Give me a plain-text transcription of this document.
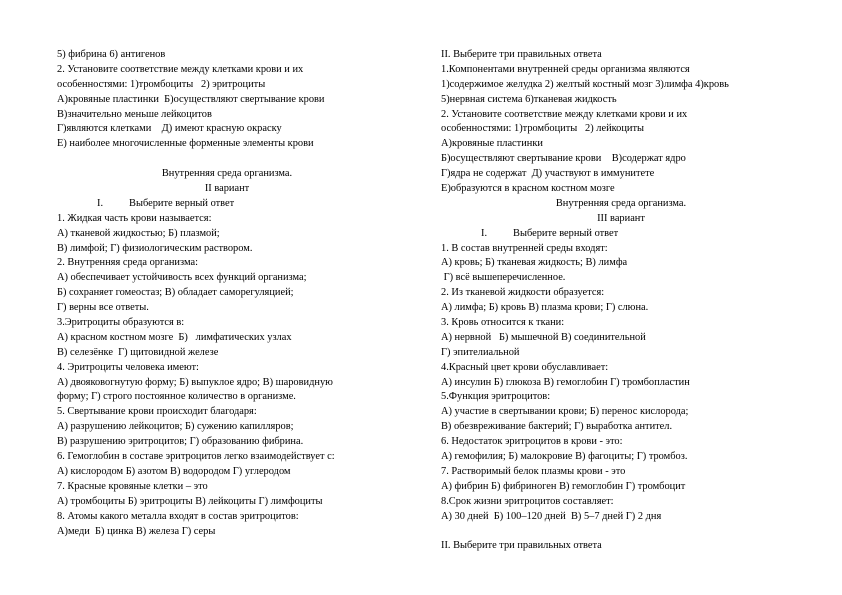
5) фибрина 6) антигенов
2. Установите соответствие между клетками крови и их
особенностями: 1)тромбоциты   2) эритроциты
А)кровяные пластинки  Б)осуществляют свертывание крови
В)значительно меньше лейкоцитов
Г)являются клетками    Д) имеют красную окраску
Е) наиболее многочисленные форменные элементы крови
Внутренняя среда организма.
II вариант
I.          Выберите верный ответ
1. Жидкая часть крови называется:
А) тканевой жидкостью; Б) плазмой;
В) лимфой; Г) физиологическим раствором.
2. Внутренняя среда организма:
А) обеспечивает устойчивость всех функций организма;
Б) сохраняет гомеостаз; В) обладает саморегуляцией;
Г) верны все ответы.
3.Эритроциты образуются в:
А) красном костном мозге  Б)   лимфатических узлах
В) селезёнке  Г) щитовидной железе
4. Эритроциты человека имеют:
А) двояковогнутую форму; Б) выпуклое ядро; В) шаровидную
форму; Г) строго постоянное количество в организме.
5. Свертывание крови происходит благодаря:
А) разрушению лейкоцитов; Б) сужению капилляров;
В) разрушению эритроцитов; Г) образованию фибрина.
6. Гемоглобин в составе эритроцитов легко взаимодействует с:
А) кислородом Б) азотом В) водородом Г) углеродом
7. Красные кровяные клетки – это
А) тромбоциты Б) эритроциты В) лейкоциты Г) лимфоциты
8. Атомы какого металла входят в состав эритроцитов:
А)меди  Б) цинка В) железа Г) серы
II. Выберите три правильных ответа
1.Компонентами внутренней среды организма являются
1)содержимое желудка 2) желтый костный мозг 3)лимфа 4)кровь
5)нервная система 6)тканевая жидкость
2. Установите соответствие между клетками крови и их
особенностями: 1)тромбоциты   2) лейкоциты
А)кровяные пластинки
Б)осуществляют свертывание крови    В)содержат ядро
Г)ядра не содержат  Д) участвуют в иммунитете
Е)образуются в красном костном мозге
Внутренняя среда организма.
III вариант
I.          Выберите верный ответ
1. В состав внутренней среды входят:
А) кровь; Б) тканевая жидкость; В) лимфа
Г) всё вышеперечисленное.
2. Из тканевой жидкости образуется:
А) лимфа; Б) кровь В) плазма крови; Г) слюна.
3. Кровь относится к ткани:
А) нервной   Б) мышечной В) соединительной
Г) эпителиальной
4.Красный цвет крови обуславливает:
А) инсулин Б) глюкоза В) гемоглобин Г) тромбопластин
5.Функция эритроцитов:
А) участие в свертывании крови; Б) перенос кислорода;
В) обезвреживание бактерий; Г) выработка антител.
6. Недостаток эритроцитов в крови - это:
А) гемофилия; Б) малокровие В) фагоциты; Г) тромбоз.
7. Растворимый белок плазмы крови - это
А) фибрин Б) фибриноген В) гемоглобин Г) тромбоцит
8.Срок жизни эритроцитов составляет:
А) 30 дней  Б) 100–120 дней  В) 5–7 дней Г) 2 дня
II. Выберите три правильных ответа
